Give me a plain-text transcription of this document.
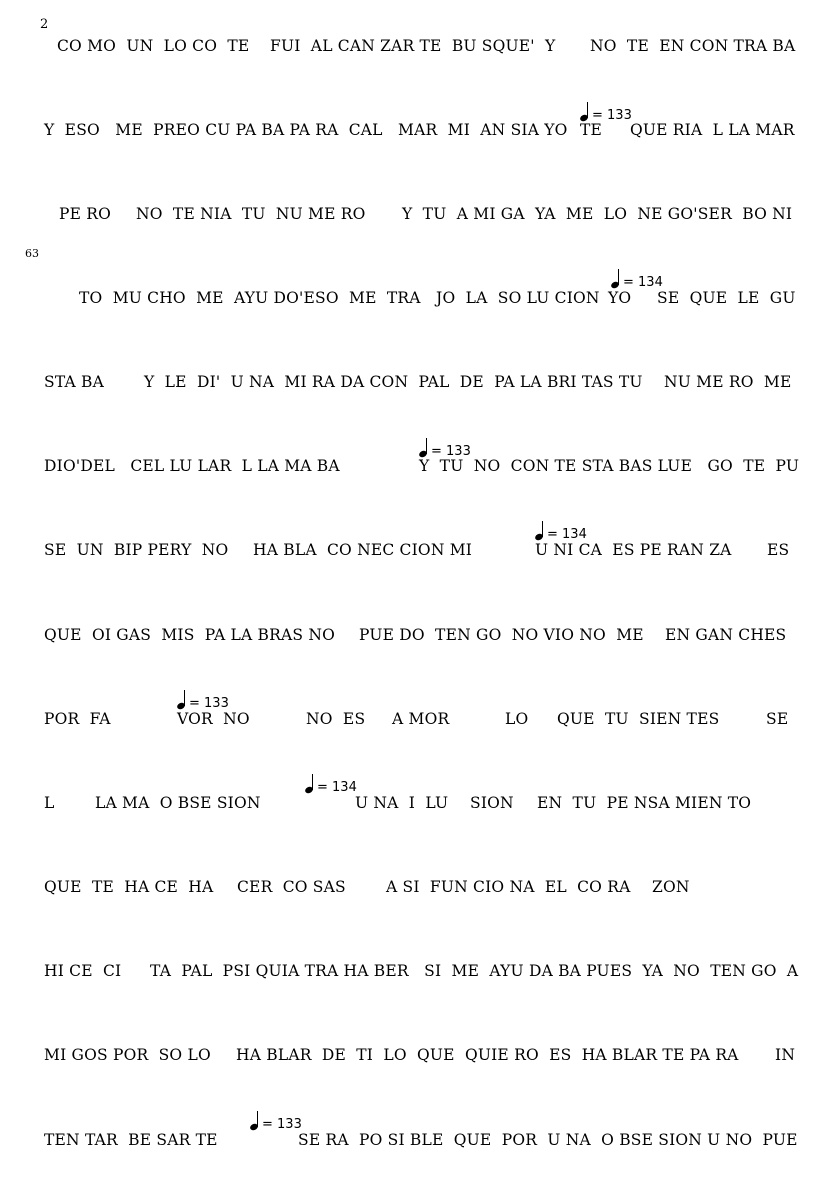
2
63
CO MO  UN  LO CO  TE FUI  AL CAN ZAR TE  BU SQUE'  Y NO  TE  EN CON TRA BA
= 133
Y  ESO   ME  PREO CU PA BA PA RA  CAL   MAR  MI  AN SIA YO TE QUE RIA  L LA MAR
PE RO NO  TE NIA  TU  NU ME RO Y  TU  A MI GA  YA  ME  LO  NE GO'SER  BO NI
= 134
TO  MU CHO  ME  AYU DO'ESO  ME  TRA   JO  LA  SO LU CION YO SE  QUE  LE  GU
STA BA	Y  LE  DI'  U NA  MI RA DA CON  PAL  DE  PA LA BRI TAS TU NU ME RO  ME
= 133
DIO'DEL   CEL LU LAR  L LA MA BA	Y  TU  NO  CON TE STA BAS LUE   GO  TE  PU
= 134
SE  UN  BIP PERY  NO HA BLA  CO NEC CION MI	U NI CA  ES PE RAN ZA ES
QUE  OI GAS  MIS  PA LA BRAS NO PUE DO  TEN GO  NO VIO NO  ME EN GAN CHES
= 133
POR  FA	VOR  NO	NO  ES A MOR	LO QUE  TU  SIEN TES	SE
= 134
L	LA MA  O BSE SION	U NA  I  LU SION EN  TU  PE NSA MIEN TO
QUE  TE  HA CE  HA CER  CO SAS	A SI  FUN CIO NA  EL  CO RA ZON
HI CE  CI TA  PAL  PSI QUIA TRA HA BER   SI  ME  AYU DA BA PUES  YA  NO  TEN GO  A
MI GOS POR  SO LO HA BLAR  DE  TI  LO  QUE  QUIE RO  ES  HA BLAR TE PA RA IN
= 133
TEN TAR  BE SAR TE	SE RA  PO SI BLE  QUE  POR  U NA  O BSE SION U NO  PUE
